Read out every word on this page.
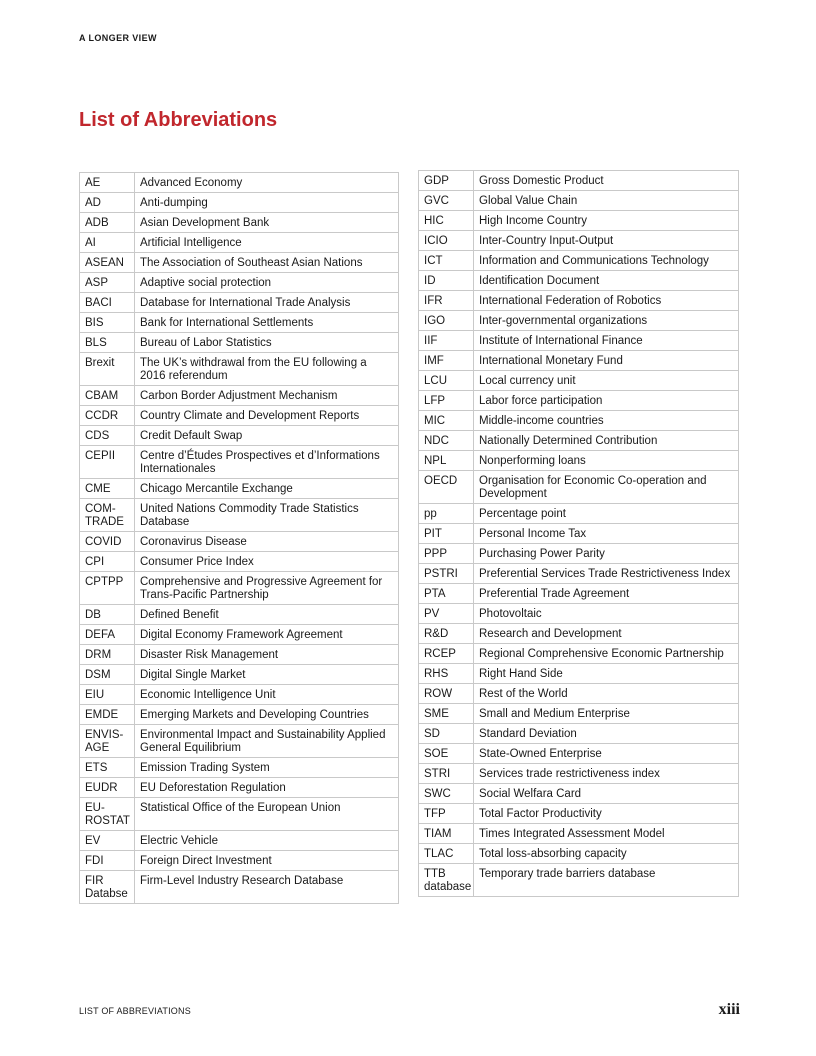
A LONGER VIEW
List of Abbreviations
AE	Advanced Economy
AD	Anti-dumping
ADB	Asian Development Bank
AI	Artificial Intelligence
ASEAN	The Association of Southeast Asian Nations
ASP	Adaptive social protection
BACI	Database for International Trade Analysis
BIS	Bank for International Settlements
BLS	Bureau of Labor Statistics
Brexit	The UK’s withdrawal from the EU following a 2016 referendum
CBAM	Carbon Border Adjustment Mechanism
CCDR	Country Climate and Development Reports
CDS	Credit Default Swap
CEPII	Centre d’Études Prospectives et d’Informations Internationales
CME	Chicago Mercantile Exchange
COM-TRADE	United Nations Commodity Trade Statistics Database
COVID	Coronavirus Disease
CPI	Consumer Price Index
CPTPP	Comprehensive and Progressive Agreement for Trans-Pacific Partnership
DB	Defined Benefit
DEFA	Digital Economy Framework Agreement
DRM	Disaster Risk Management
DSM	Digital Single Market
EIU	Economic Intelligence Unit
EMDE	Emerging Markets and Developing Countries
ENVIS-AGE	Environmental Impact and Sustainability Applied General Equilibrium
ETS	Emission Trading System
EUDR	EU Deforestation Regulation
EU-ROSTAT	Statistical Office of the European Union
EV	Electric Vehicle
FDI	Foreign Direct Investment
FIR Databse	Firm-Level Industry Research Database
GDP	Gross Domestic Product
GVC	Global Value Chain
HIC	High Income Country
ICIO	Inter-Country Input-Output
ICT	Information and Communications Technology
ID	Identification Document
IFR	International Federation of Robotics
IGO	Inter-governmental organizations
IIF	Institute of International Finance
IMF	International Monetary Fund
LCU	Local currency unit
LFP	Labor force participation
MIC	Middle-income countries
NDC	Nationally Determined Contribution
NPL	Nonperforming loans
OECD	Organisation for Economic Co-operation and Development
pp	Percentage point
PIT	Personal Income Tax
PPP	Purchasing Power Parity
PSTRI	Preferential Services Trade Restrictiveness Index
PTA	Preferential Trade Agreement
PV	Photovoltaic
R&D	Research and Development
RCEP	Regional Comprehensive Economic Partnership
RHS	Right Hand Side
ROW	Rest of the World
SME	Small and Medium Enterprise
SD	Standard Deviation
SOE	State-Owned Enterprise
STRI	Services trade restrictiveness index
SWC	Social Welfara Card
TFP	Total Factor Productivity
TIAM	Times Integrated Assessment Model
TLAC	Total loss-absorbing capacity
TTB database	Temporary trade barriers database
LIST OF ABBREVIATIONS	xiii
